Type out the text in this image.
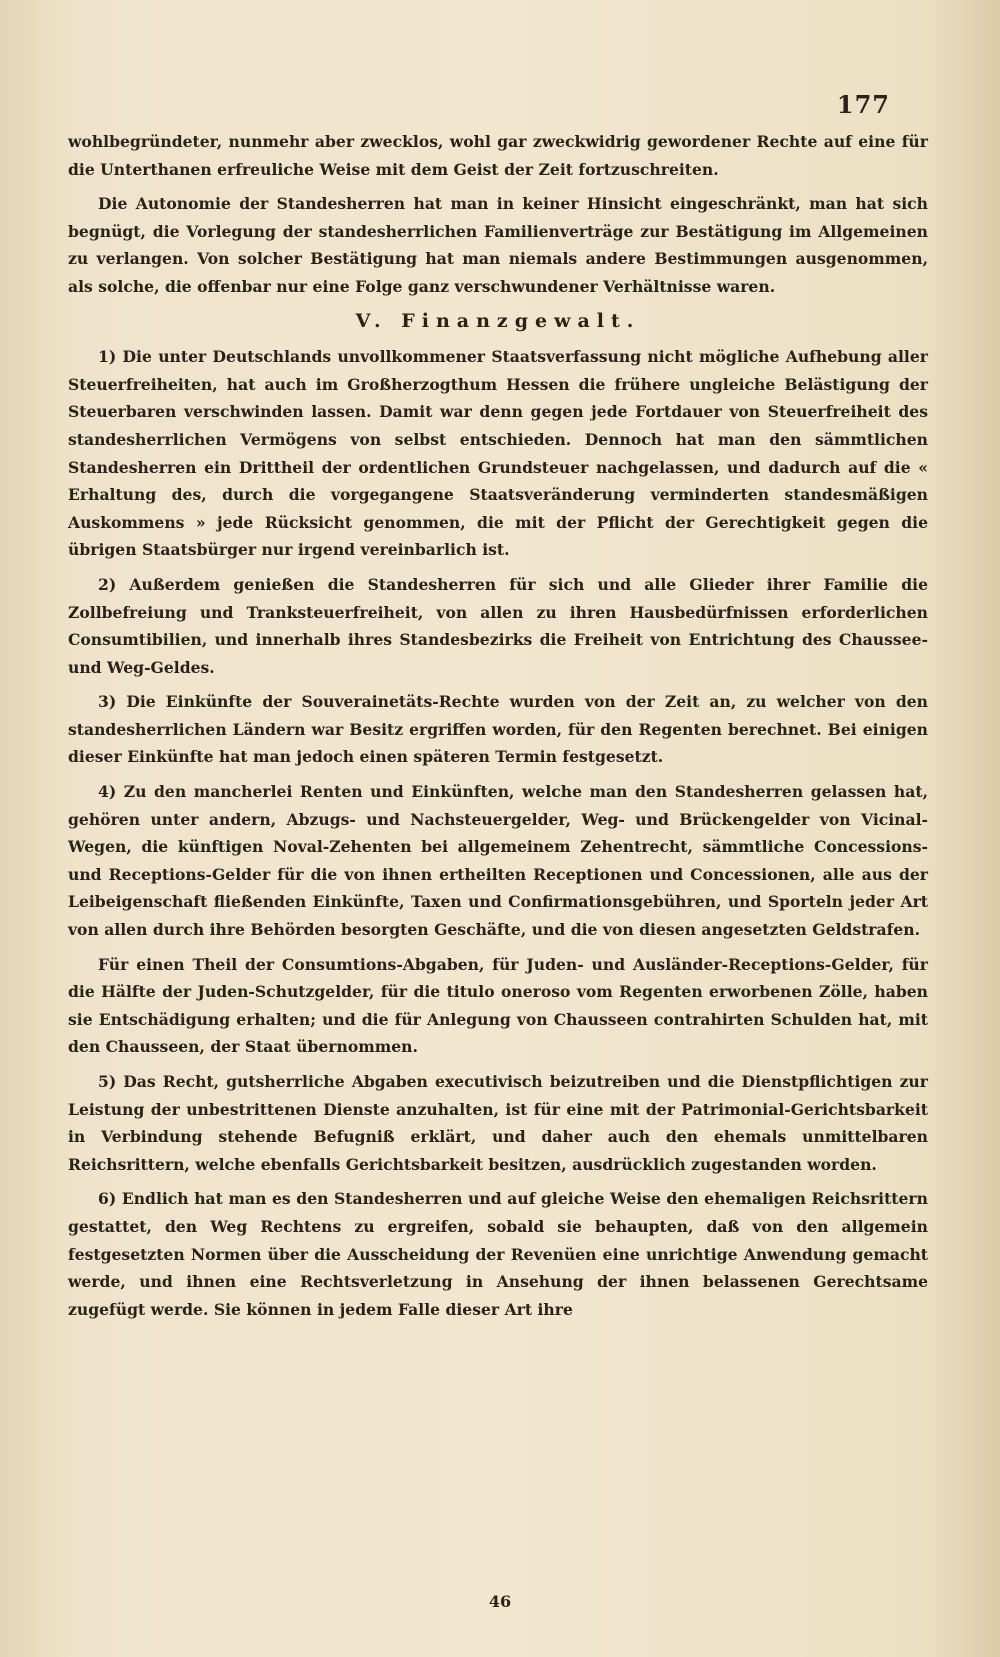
177

wohlbegründeter, nunmehr aber zwecklos, wohl gar zweckwidrig gewordener Rechte auf eine für die Unterthanen erfreuliche Weise mit dem Geist der Zeit fortzuschreiten.

Die Autonomie der Standesherren hat man in keiner Hinsicht eingeschränkt, man hat sich begnügt, die Vorlegung der standesherrlichen Familienverträge zur Bestätigung im Allgemeinen zu verlangen. Von solcher Bestätigung hat man niemals andere Bestimmungen ausgenommen, als solche, die offenbar nur eine Folge ganz verschwundener Verhältnisse waren.

V. Finanzgewalt.

1) Die unter Deutschlands unvollkommener Staatsverfassung nicht mögliche Aufhebung aller Steuerfreiheiten, hat auch im Großherzogthum Hessen die frühere ungleiche Belästigung der Steuerbaren verschwinden lassen. Damit war denn gegen jede Fortdauer von Steuerfreiheit des standesherrlichen Vermögens von selbst entschieden. Dennoch hat man den sämmtlichen Standesherren ein Drittheil der ordentlichen Grundsteuer nachgelassen, und dadurch auf die « Erhaltung des, durch die vorgegangene Staatsveränderung verminderten standesmäßigen Auskommens » jede Rücksicht genommen, die mit der Pflicht der Gerechtigkeit gegen die übrigen Staatsbürger nur irgend vereinbarlich ist.

2) Außerdem genießen die Standesherren für sich und alle Glieder ihrer Familie die Zollbefreiung und Tranksteuerfreiheit, von allen zu ihren Hausbedürfnissen erforderlichen Consumtibilien, und innerhalb ihres Standesbezirks die Freiheit von Entrichtung des Chaussee- und Weg-Geldes.

3) Die Einkünfte der Souverainetäts-Rechte wurden von der Zeit an, zu welcher von den standesherrlichen Ländern war Besitz ergriffen worden, für den Regenten berechnet. Bei einigen dieser Einkünfte hat man jedoch einen späteren Termin festgesetzt.

4) Zu den mancherlei Renten und Einkünften, welche man den Standesherren gelassen hat, gehören unter andern, Abzugs- und Nachsteuergelder, Weg- und Brückengelder von Vicinal-Wegen, die künftigen Noval-Zehenten bei allgemeinem Zehentrecht, sämmtliche Concessions- und Receptions-Gelder für die von ihnen ertheilten Receptionen und Concessionen, alle aus der Leibeigenschaft fließenden Einkünfte, Taxen und Confirmationsgebühren, und Sporteln jeder Art von allen durch ihre Behörden besorgten Geschäfte, und die von diesen angesetzten Geldstrafen.

Für einen Theil der Consumtions-Abgaben, für Juden- und Ausländer-Receptions-Gelder, für die Hälfte der Juden-Schutzgelder, für die titulo oneroso vom Regenten erworbenen Zölle, haben sie Entschädigung erhalten; und die für Anlegung von Chausseen contrahirten Schulden hat, mit den Chausseen, der Staat übernommen.

5) Das Recht, gutsherrliche Abgaben executivisch beizutreiben und die Dienstpflichtigen zur Leistung der unbestrittenen Dienste anzuhalten, ist für eine mit der Patrimonial-Gerichtsbarkeit in Verbindung stehende Befugniß erklärt, und daher auch den ehemals unmittelbaren Reichsrittern, welche ebenfalls Gerichtsbarkeit besitzen, ausdrücklich zugestanden worden.

6) Endlich hat man es den Standesherren und auf gleiche Weise den ehemaligen Reichsrittern gestattet, den Weg Rechtens zu ergreifen, sobald sie behaupten, daß von den allgemein festgesetzten Normen über die Ausscheidung der Revenüen eine unrichtige Anwendung gemacht werde, und ihnen eine Rechtsverletzung in Ansehung der ihnen belassenen Gerechtsame zugefügt werde. Sie können in jedem Falle dieser Art ihre

46
